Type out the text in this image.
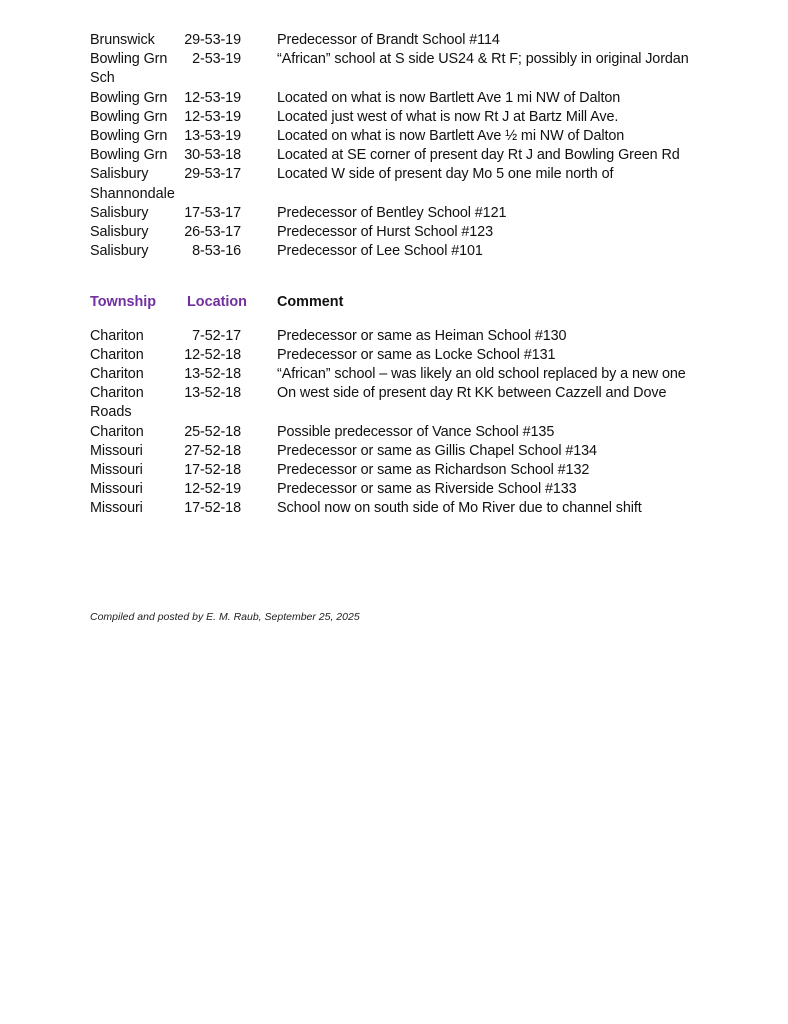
Brunswick	29-53-19	Predecessor of Brandt School #114
Bowling Grn	2-53-19	“African” school at S side US24 & Rt F; possibly in original Jordan
Sch
Bowling Grn	12-53-19	Located on what is now Bartlett Ave 1 mi NW of Dalton
Bowling Grn	12-53-19	Located just west of what is now Rt J at Bartz Mill Ave.
Bowling Grn	13-53-19	Located on what is now Bartlett Ave ½ mi NW of Dalton
Bowling Grn	30-53-18	Located at SE corner of present day Rt J and Bowling Green Rd
Salisbury	29-53-17	Located W side of present day Mo 5 one mile north of
Shannondale
Salisbury	17-53-17	Predecessor of Bentley School #121
Salisbury	26-53-17	Predecessor of Hurst School #123
Salisbury	8-53-16	Predecessor of Lee School #101
Township	Location	Comment
Chariton	7-52-17	Predecessor or same as Heiman School #130
Chariton	12-52-18	Predecessor or same as Locke School #131
Chariton	13-52-18	“African” school – was likely an old school replaced by a new one
Chariton	13-52-18	On west side of present day Rt KK between Cazzell and Dove
Roads
Chariton	25-52-18	Possible predecessor of Vance School #135
Missouri	27-52-18	Predecessor or same as Gillis Chapel School #134
Missouri	17-52-18	Predecessor or same as Richardson School #132
Missouri	12-52-19	Predecessor or same as Riverside School #133
Missouri	17-52-18	School now on south side of Mo River due to channel shift
Compiled and posted by E. M. Raub, September 25, 2025
